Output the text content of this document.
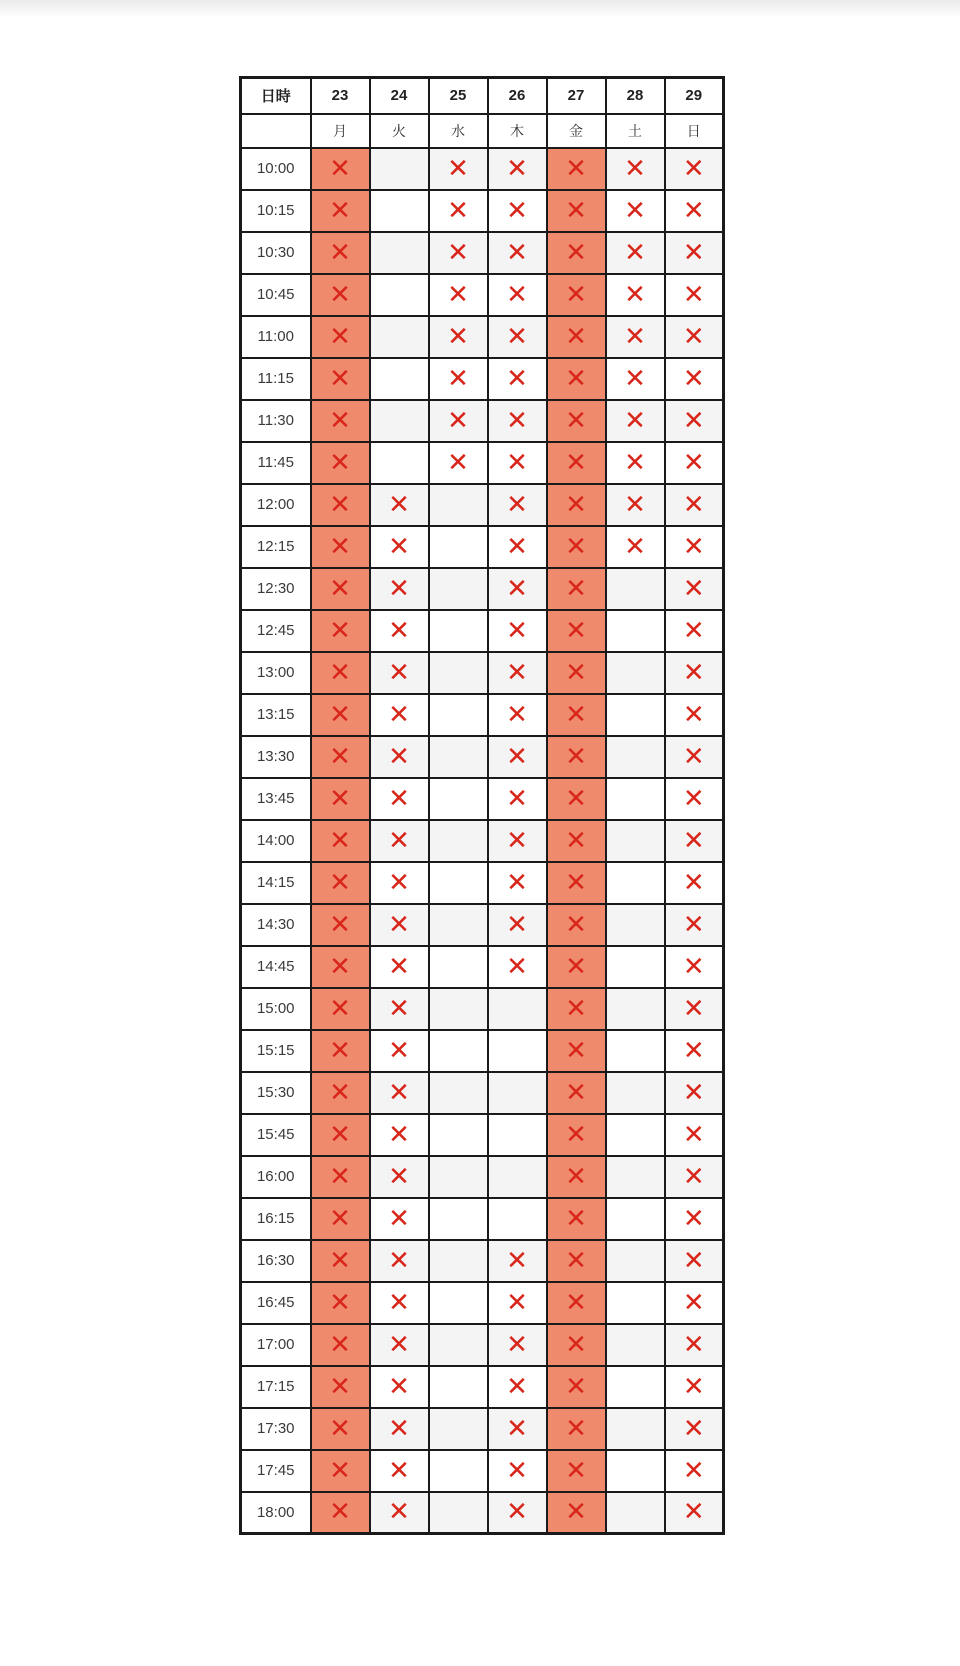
日時	23	24	25	26	27	28	29
	月	火	水	木	金	土	日
10:00	✕		✕	✕	✕	✕	✕
10:15	✕		✕	✕	✕	✕	✕
10:30	✕		✕	✕	✕	✕	✕
10:45	✕		✕	✕	✕	✕	✕
11:00	✕		✕	✕	✕	✕	✕
11:15	✕		✕	✕	✕	✕	✕
11:30	✕		✕	✕	✕	✕	✕
11:45	✕		✕	✕	✕	✕	✕
12:00	✕	✕		✕	✕	✕	✕
12:15	✕	✕		✕	✕	✕	✕
12:30	✕	✕		✕	✕		✕
12:45	✕	✕		✕	✕		✕
13:00	✕	✕		✕	✕		✕
13:15	✕	✕		✕	✕		✕
13:30	✕	✕		✕	✕		✕
13:45	✕	✕		✕	✕		✕
14:00	✕	✕		✕	✕		✕
14:15	✕	✕		✕	✕		✕
14:30	✕	✕		✕	✕		✕
14:45	✕	✕		✕	✕		✕
15:00	✕	✕			✕		✕
15:15	✕	✕			✕		✕
15:30	✕	✕			✕		✕
15:45	✕	✕			✕		✕
16:00	✕	✕			✕		✕
16:15	✕	✕			✕		✕
16:30	✕	✕		✕	✕		✕
16:45	✕	✕		✕	✕		✕
17:00	✕	✕		✕	✕		✕
17:15	✕	✕		✕	✕		✕
17:30	✕	✕		✕	✕		✕
17:45	✕	✕		✕	✕		✕
18:00	✕	✕		✕	✕		✕
